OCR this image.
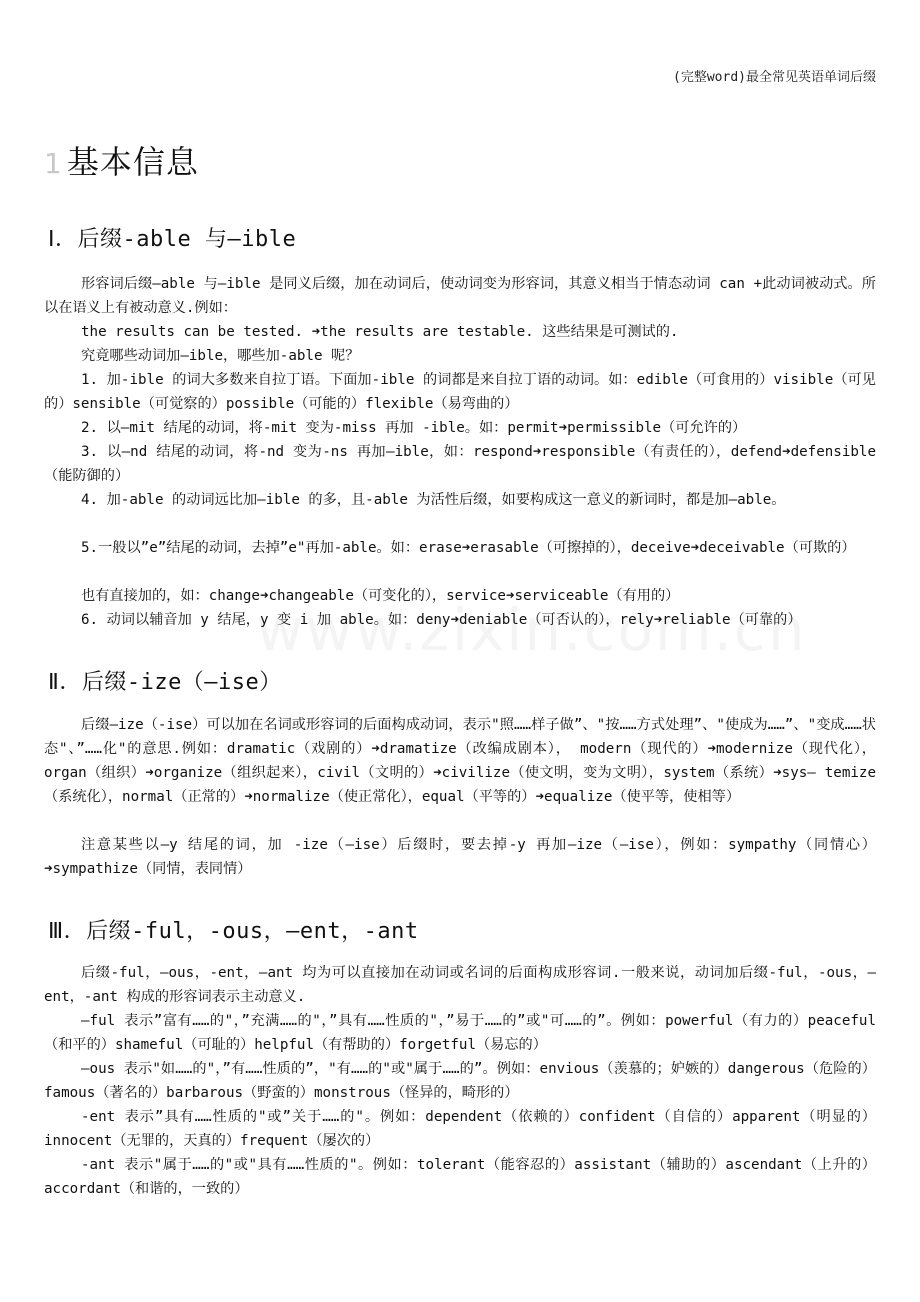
(完整word)最全常见英语单词后缀
1 基本信息
Ⅰ．后缀-able 与—ible

形容词后缀—able 与—ible 是同义后缀，加在动词后，使动词变为形容词，其意义相当于情态动词 can +此动词被动式。所以在语义上有被动意义.例如：

the results can be tested. ➜the results are testable. 这些结果是可测试的.

究竟哪些动词加—ible，哪些加-able 呢？

1. 加-ible 的词大多数来自拉丁语。下面加-ible 的词都是来自拉丁语的动词。如：edible（可食用的）visible（可见的）sensible（可觉察的）possible（可能的）flexible（易弯曲的）

2. 以—mit 结尾的动词，将-mit 变为-miss 再加 -ible。如：permit➜permissible（可允许的）

3. 以—nd 结尾的动词，将-nd 变为-ns 再加—ible，如：respond➜responsible（有责任的），defend➜defensible（能防御的）

4. 加-able 的动词远比加—ible 的多，且-able 为活性后缀，如要构成这一意义的新词时，都是加—able。

5.一般以”e”结尾的动词，去掉”e"再加-able。如：erase➜erasable（可擦掉的），deceive➜deceivable（可欺的）

也有直接加的，如：change➜changeable（可变化的），service➜serviceable（有用的）

6. 动词以辅音加 y 结尾，y 变 i 加 able。如：deny➜deniable（可否认的），rely➜reliable（可靠的）

Ⅱ．后缀-ize（—ise）

后缀—ize（-ise）可以加在名词或形容词的后面构成动词，表示"照……样子做”、"按……方式处理”、"使成为……”、"变成……状态"、”……化"的意思.例如：dramatic（戏剧的）➜dramatize（改编成剧本）， modern（现代的）➜modernize（现代化），organ（组织）➜organize（组织起来），civil（文明的）➜civilize（使文明，变为文明），system（系统）➜sys— temize（系统化），normal（正常的）➜normalize（使正常化），equal（平等的）➜equalize（使平等，使相等）

注意某些以—y 结尾的词，加 -ize（—ise）后缀时，要去掉-y 再加—ize（—ise），例如：sympathy（同情心）➜sympathize（同情，表同情）

Ⅲ．后缀-ful，-ous，—ent，-ant

后缀-ful，—ous，-ent，—ant 均为可以直接加在动词或名词的后面构成形容词.一般来说，动词加后缀-ful，-ous，—ent，-ant 构成的形容词表示主动意义.

—ful 表示”富有……的"，”充满……的"，”具有……性质的"，”易于……的”或"可……的”。例如：powerful（有力的）peaceful（和平的）shameful（可耻的）helpful（有帮助的）forgetful（易忘的）

—ous 表示"如……的"，”有……性质的”，"有……的"或"属于……的”。例如：envious（羡慕的；妒嫉的）dangerous（危险的）famous（著名的）barbarous（野蛮的）monstrous（怪异的，畸形的）

-ent 表示”具有……性质的"或”关于……的"。例如：dependent（依赖的）confident（自信的）apparent（明显的）innocent（无罪的，天真的）frequent（屡次的）

-ant 表示"属于……的"或"具有……性质的"。例如：tolerant（能容忍的）assistant（辅助的）ascendant（上升的）accordant（和谐的，一致的）
